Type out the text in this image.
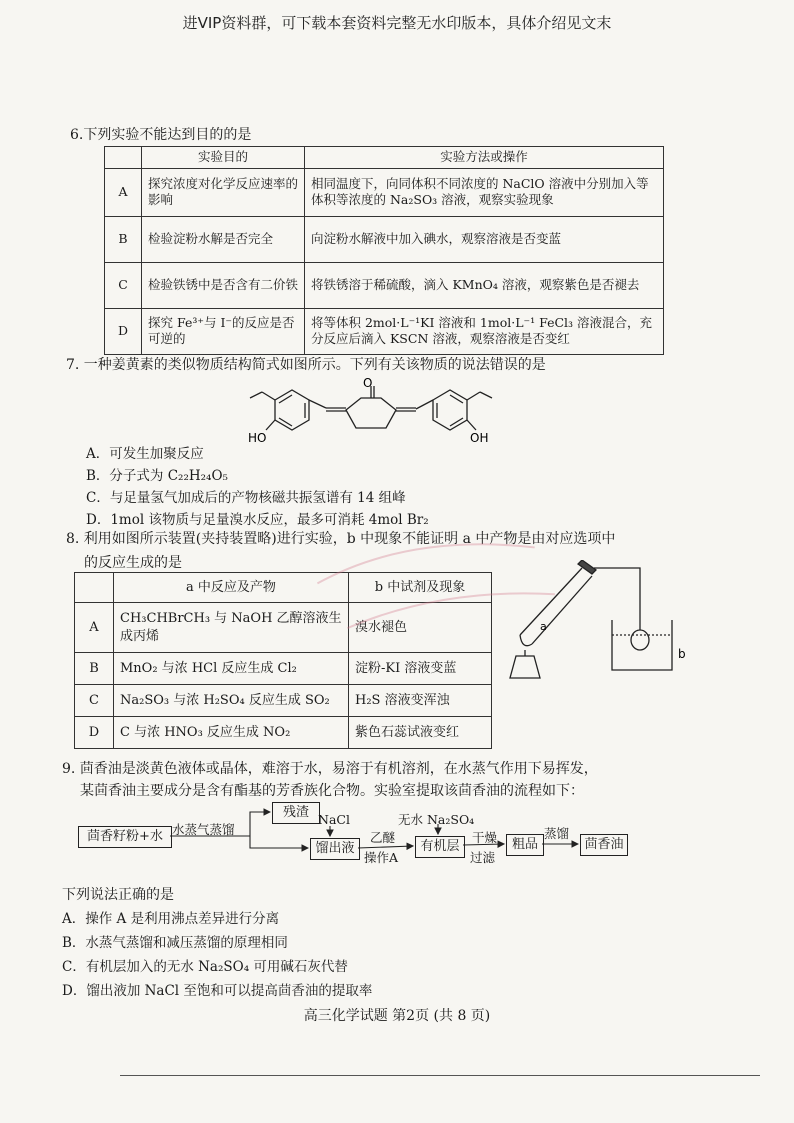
进VIP资料群，可下载本套资料完整无水印版本，具体介绍见文末
6.下列实验不能达到目的的是
	实验目的	实验方法或操作
A	探究浓度对化学反应速率的影响	相同温度下，向同体积不同浓度的 NaClO 溶液中分别加入等体积等浓度的 Na₂SO₃ 溶液，观察实验现象
B	检验淀粉水解是否完全	向淀粉水解液中加入碘水，观察溶液是否变蓝
C	检验铁锈中是否含有二价铁	将铁锈溶于稀硫酸，滴入 KMnO₄ 溶液，观察紫色是否褪去
D	探究 Fe³⁺与 I⁻的反应是否可逆的	将等体积 2mol·L⁻¹KI 溶液和 1mol·L⁻¹ FeCl₃ 溶液混合，充分反应后滴入 KSCN 溶液，观察溶液是否变红
7. 一种姜黄素的类似物质结构简式如图所示。下列有关该物质的说法错误的是
O
HO	OH
A．可发生加聚反应
B．分子式为 C₂₂H₂₄O₅
C．与足量氢气加成后的产物核磁共振氢谱有 14 组峰
D．1mol 该物质与足量溴水反应，最多可消耗 4mol Br₂
8. 利用如图所示装置(夹持装置略)进行实验，b 中现象不能证明 a 中产物是由对应选项中
的反应生成的是
	a 中反应及产物	b 中试剂及现象
A	CH₃CHBrCH₃ 与 NaOH 乙醇溶液生成丙烯	溴水褪色
B	MnO₂ 与浓 HCl 反应生成 Cl₂	淀粉-KI 溶液变蓝
C	Na₂SO₃ 与浓 H₂SO₄ 反应生成 SO₂	H₂S 溶液变浑浊
D	C 与浓 HNO₃ 反应生成 NO₂	紫色石蕊试液变红
a
b
9. 茴香油是淡黄色液体或晶体，难溶于水，易溶于有机溶剂，在水蒸气作用下易挥发，
某茴香油主要成分是含有酯基的芳香族化合物。实验室提取该茴香油的流程如下：
茴香籽粉+水 水蒸气蒸馏
残渣 NaCl
馏出液
乙醚
操作A
无水 Na₂SO₄
有机层
干燥
过滤
粗品
蒸馏
茴香油
下列说法正确的是
A．操作 A 是利用沸点差异进行分离
B．水蒸气蒸馏和减压蒸馏的原理相同
C．有机层加入的无水 Na₂SO₄ 可用碱石灰代替
D．馏出液加 NaCl 至饱和可以提高茴香油的提取率
高三化学试题 第2页 (共 8 页)
